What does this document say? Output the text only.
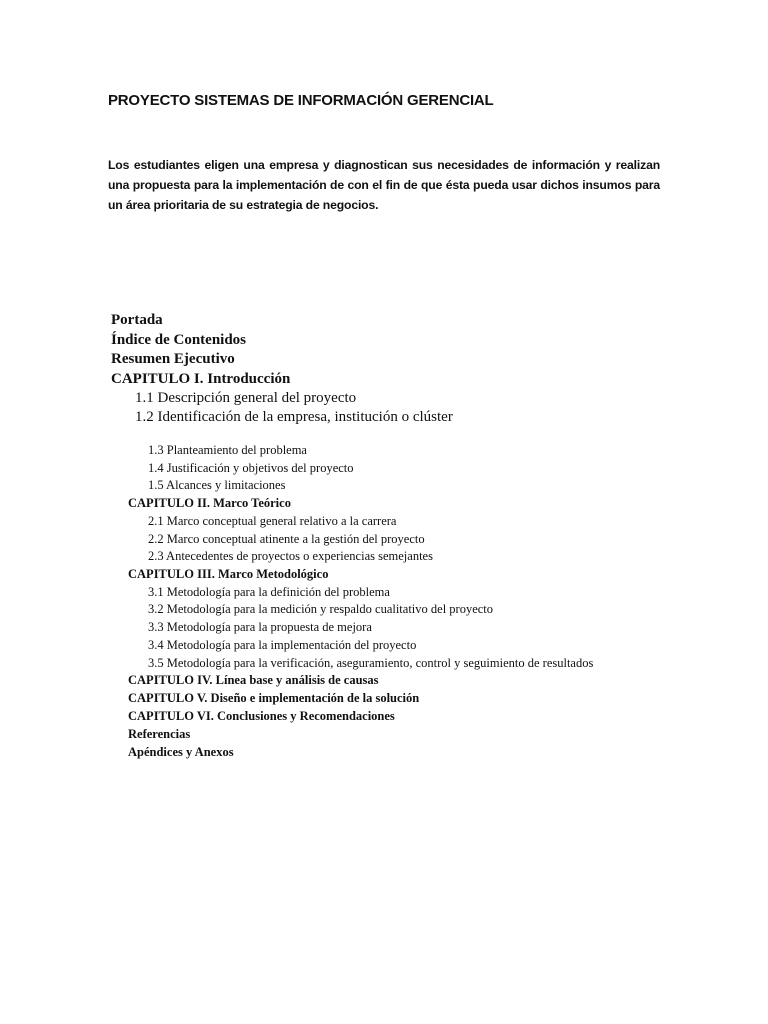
PROYECTO SISTEMAS DE INFORMACIÓN GERENCIAL

Los estudiantes eligen una empresa y diagnostican sus necesidades de información y realizan una propuesta para la implementación de con el fin de que ésta pueda usar dichos insumos para un área prioritaria de su estrategia de negocios.

Portada
Índice de Contenidos
Resumen Ejecutivo
CAPITULO I. Introducción
1.1 Descripción general del proyecto
1.2 Identificación de la empresa, institución o clúster
1.3 Planteamiento del problema
1.4 Justificación y objetivos del proyecto
1.5 Alcances y limitaciones
CAPITULO II. Marco Teórico
2.1 Marco conceptual general relativo a la carrera
2.2 Marco conceptual atinente a la gestión del proyecto
2.3 Antecedentes de proyectos o experiencias semejantes
CAPITULO III. Marco Metodológico
3.1 Metodología para la definición del problema
3.2 Metodología para la medición y respaldo cualitativo del proyecto
3.3 Metodología para la propuesta de mejora
3.4 Metodología para la implementación del proyecto
3.5 Metodología para la verificación, aseguramiento, control y seguimiento de resultados
CAPITULO IV. Línea base y análisis de causas
CAPITULO V. Diseño e implementación de la solución
CAPITULO VI. Conclusiones y Recomendaciones
Referencias
Apéndices y Anexos
